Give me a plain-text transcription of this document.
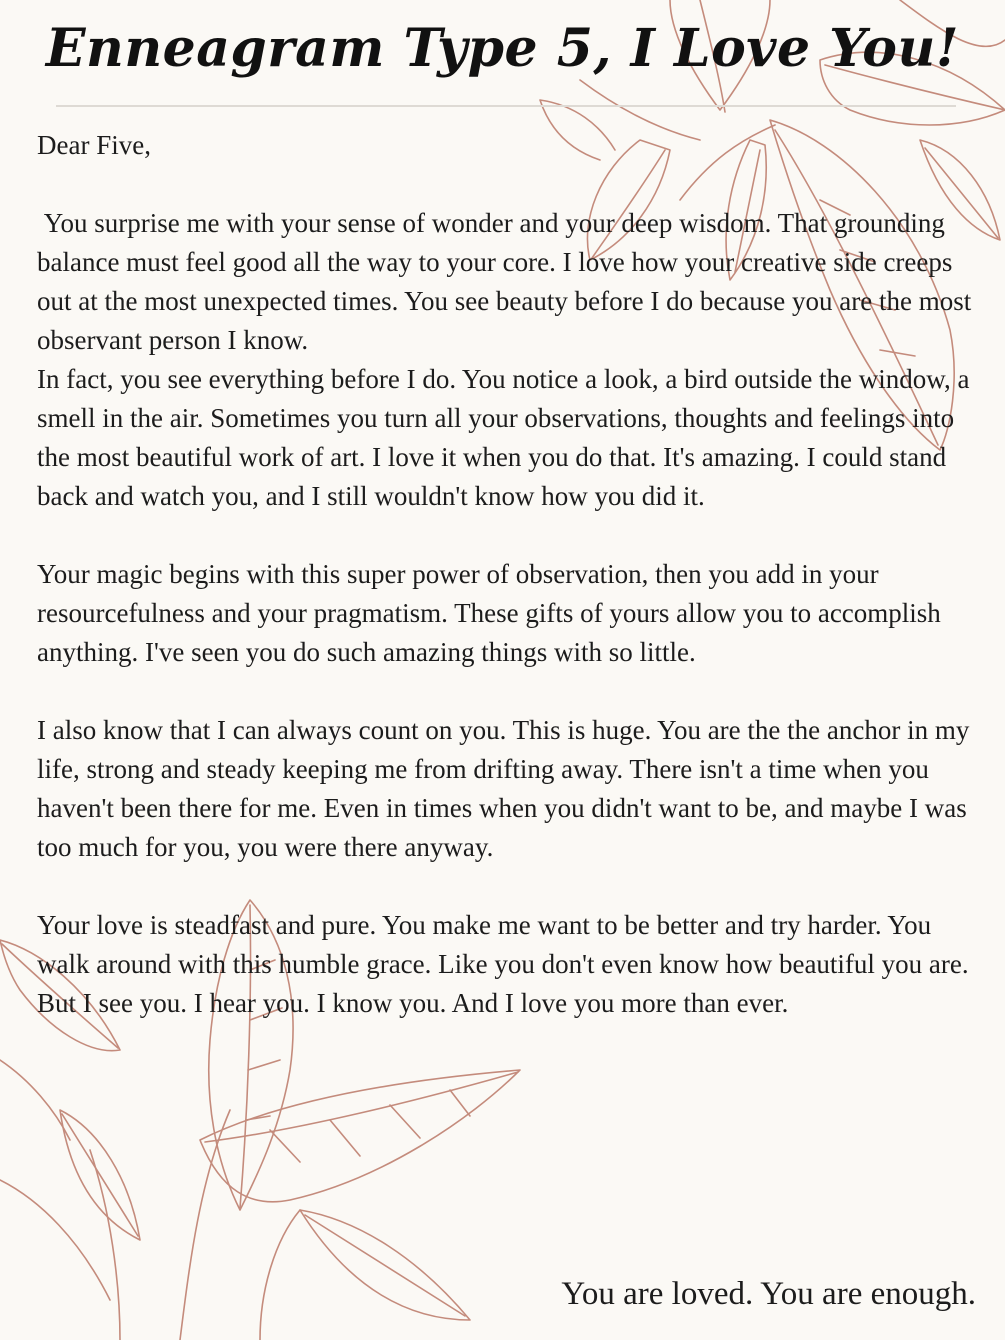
Enneagram Type 5, I Love You!

Dear Five,

You surprise me with your sense of wonder and your deep wisdom. That grounding balance must feel good all the way to your core. I love how your creative side creeps out at the most unexpected times. You see beauty before I do because you are the most observant person I know.

In fact, you see everything before I do. You notice a look, a bird outside the window, a smell in the air. Sometimes you turn all your observations, thoughts and feelings into the most beautiful work of art. I love it when you do that. It's amazing. I could stand back and watch you, and I still wouldn't know how you did it.

Your magic begins with this super power of observation, then you add in your resourcefulness and your pragmatism. These gifts of yours allow you to accomplish anything. I've seen you do such amazing things with so little.

I also know that I can always count on you. This is huge. You are the the anchor in my life, strong and steady keeping me from drifting away. There isn't a time when you haven't been there for me. Even in times when you didn't want to be, and maybe I was too much for you, you were there anyway.

Your love is steadfast and pure. You make me want to be better and try harder. You walk around with this humble grace. Like you don't even know how beautiful you are. But I see you. I hear you. I know you. And I love you more than ever.

You are loved. You are enough.
